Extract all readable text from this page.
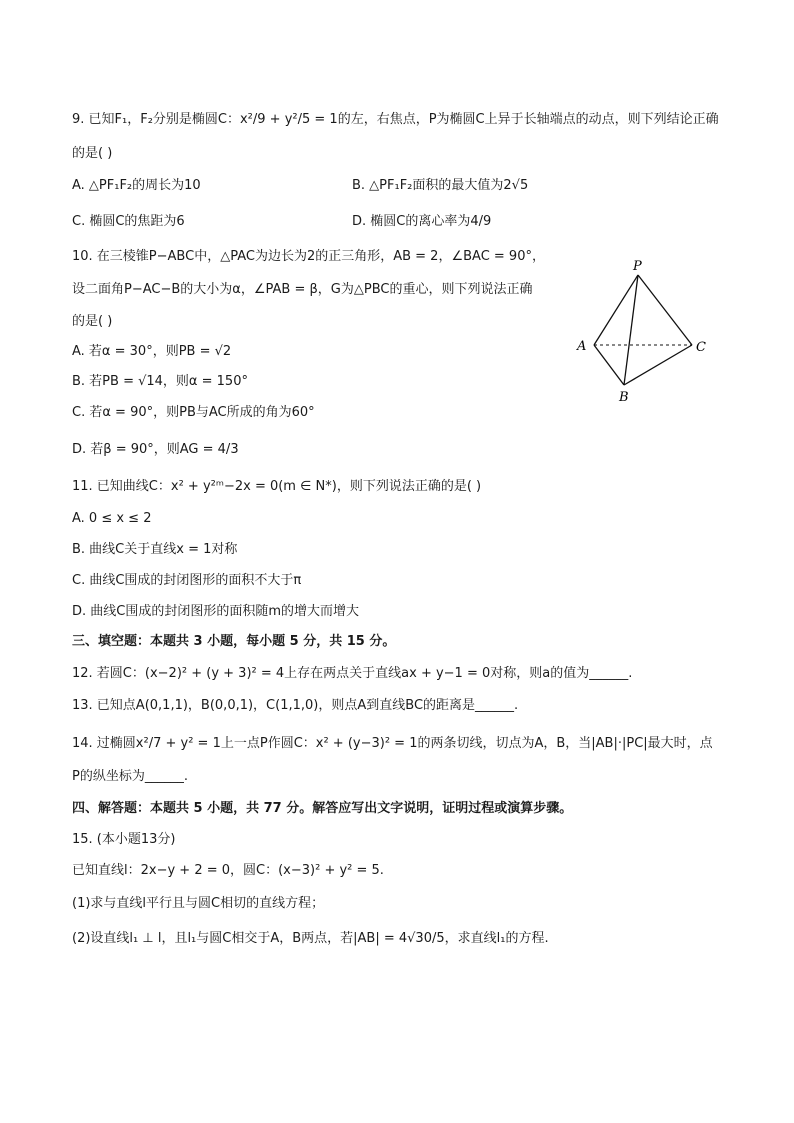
9. 已知F₁，F₂分别是椭圆C：x²/9 + y²/5 = 1的左，右焦点，P为椭圆C上异于长轴端点的动点，则下列结论正确
的是( )
A. △PF₁F₂的周长为10	B. △PF₁F₂面积的最大值为2√5
C. 椭圆C的焦距为6	D. 椭圆C的离心率为4/9
10. 在三棱锥P−ABC中，△PAC为边长为2的正三角形，AB = 2，∠BAC = 90°，
设二面角P−AC−B的大小为α，∠PAB = β，G为△PBC的重心，则下列说法正确
的是( )
A. 若α = 30°，则PB = √2
B. 若PB = √14，则α = 150°
C. 若α = 90°，则PB与AC所成的角为60°
D. 若β = 90°，则AG = 4/3
P
A	C
B
11. 已知曲线C：x² + y²ᵐ−2x = 0(m ∈ N*)，则下列说法正确的是( )
A. 0 ≤ x ≤ 2
B. 曲线C关于直线x = 1对称
C. 曲线C围成的封闭图形的面积不大于π
D. 曲线C围成的封闭图形的面积随m的增大而增大
三、填空题：本题共 3 小题，每小题 5 分，共 15 分。
12. 若圆C：(x−2)² + (y + 3)² = 4上存在两点关于直线ax + y−1 = 0对称，则a的值为______.
13. 已知点A(0,1,1)，B(0,0,1)，C(1,1,0)，则点A到直线BC的距离是______.
14. 过椭圆x²/7 + y² = 1上一点P作圆C：x² + (y−3)² = 1的两条切线，切点为A，B，当|AB|·|PC|最大时，点
P的纵坐标为______.
四、解答题：本题共 5 小题，共 77 分。解答应写出文字说明，证明过程或演算步骤。
15. (本小题13分)
已知直线l：2x−y + 2 = 0，圆C：(x−3)² + y² = 5.
(1)求与直线l平行且与圆C相切的直线方程；
(2)设直线l₁ ⊥ l，且l₁与圆C相交于A，B两点，若|AB| = 4√30/5，求直线l₁的方程.
